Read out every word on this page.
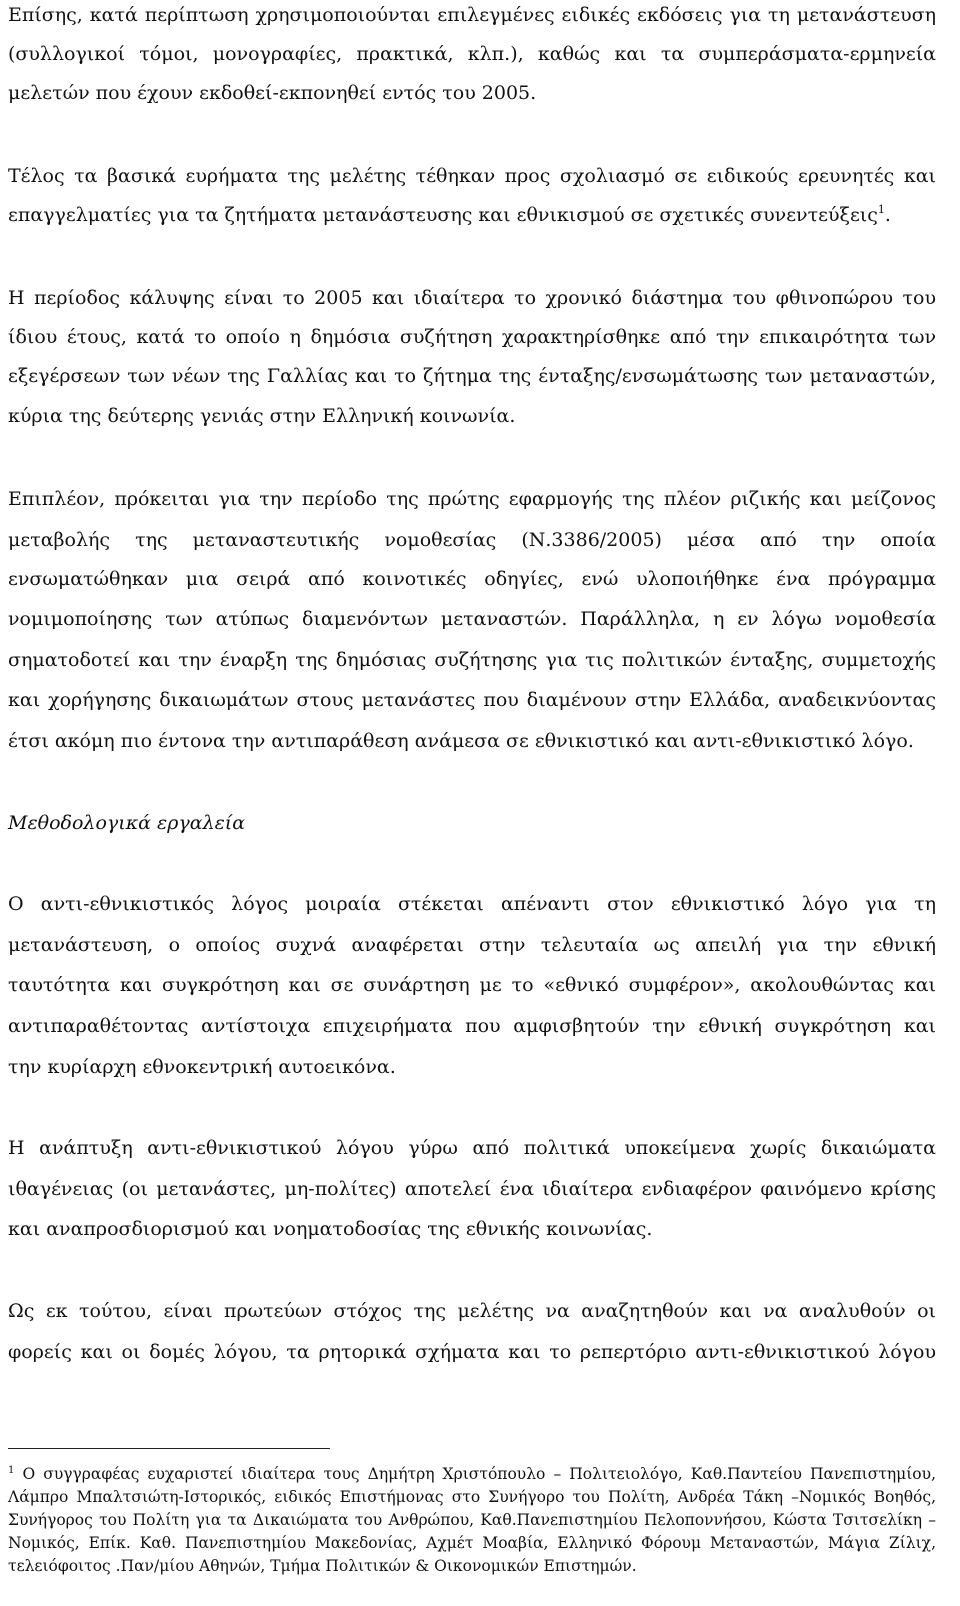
Επίσης, κατά περίπτωση χρησιμοποιούνται επιλεγμένες ειδικές εκδόσεις για τη μετανάστευση
(συλλογικοί τόμοι, μονογραφίες, πρακτικά, κλπ.), καθώς και τα συμπεράσματα-ερμηνεία
μελετών που έχουν εκδοθεί-εκπονηθεί εντός του 2005.
Τέλος τα βασικά ευρήματα της μελέτης τέθηκαν προς σχολιασμό σε ειδικούς ερευνητές και
επαγγελματίες για τα ζητήματα μετανάστευσης και εθνικισμού σε σχετικές συνεντεύξεις$^1$.
Η περίοδος κάλυψης είναι το 2005 και ιδιαίτερα το χρονικό διάστημα του φθινοπώρου του
ίδιου έτους, κατά το οποίο η δημόσια συζήτηση χαρακτηρίσθηκε από την επικαιρότητα των
εξεγέρσεων των νέων της Γαλλίας και το ζήτημα της ένταξης/ενσωμάτωσης των μεταναστών,
κύρια της δεύτερης γενιάς στην Ελληνική κοινωνία.
Επιπλέον, πρόκειται για την περίοδο της πρώτης εφαρμογής της πλέον ριζικής και μείζονος
μεταβολής της μεταναστευτικής νομοθεσίας (Ν.3386/2005) μέσα από την οποία
ενσωματώθηκαν μια σειρά από κοινοτικές οδηγίες, ενώ υλοποιήθηκε ένα πρόγραμμα
νομιμοποίησης των ατύπως διαμενόντων μεταναστών. Παράλληλα, η εν λόγω νομοθεσία
σηματοδοτεί και την έναρξη της δημόσιας συζήτησης για τις πολιτικών ένταξης, συμμετοχής
και χορήγησης δικαιωμάτων στους μετανάστες που διαμένουν στην Ελλάδα, αναδεικνύοντας
έτσι ακόμη πιο έντονα την αντιπαράθεση ανάμεσα σε εθνικιστικό και αντι-εθνικιστικό λόγο.
Μεθοδολογικά εργαλεία
Ο αντι-εθνικιστικός λόγος μοιραία στέκεται απέναντι στον εθνικιστικό λόγο για τη
μετανάστευση, ο οποίος συχνά αναφέρεται στην τελευταία ως απειλή για την εθνική
ταυτότητα και συγκρότηση και σε συνάρτηση με το «εθνικό συμφέρον», ακολουθώντας και
αντιπαραθέτοντας αντίστοιχα επιχειρήματα που αμφισβητούν την εθνική συγκρότηση και
την κυρίαρχη εθνοκεντρική αυτοεικόνα.
Η ανάπτυξη αντι-εθνικιστικού λόγου γύρω από πολιτικά υποκείμενα χωρίς δικαιώματα
ιθαγένειας (οι μετανάστες, μη-πολίτες) αποτελεί ένα ιδιαίτερα ενδιαφέρον φαινόμενο κρίσης
και αναπροσδιορισμού και νοηματοδοσίας της εθνικής κοινωνίας.
Ως εκ τούτου, είναι πρωτεύων στόχος της μελέτης να αναζητηθούν και να αναλυθούν οι
φορείς και οι δομές λόγου, τα ρητορικά σχήματα και το ρεπερτόριο αντι-εθνικιστικού λόγου
$^1$ Ο συγγραφέας ευχαριστεί ιδιαίτερα τους Δημήτρη Χριστόπουλο – Πολιτειολόγο, Καθ.Παντείου Πανεπιστημίου,
Λάμπρο Μπαλτσιώτη-Ιστορικός, ειδικός Επιστήμονας στο Συνήγορο του Πολίτη, Ανδρέα Τάκη –Νομικός Βοηθός,
Συνήγορος του Πολίτη για τα Δικαιώματα του Ανθρώπου, Καθ.Πανεπιστημίου Πελοποννήσου, Κώστα Τσιτσελίκη –
Νομικός, Επίκ. Καθ. Πανεπιστημίου Μακεδονίας, Αχμέτ Μοαβία, Ελληνικό Φόρουμ Μεταναστών, Μάγια Ζίλιχ,
τελειόφοιτος .Παν/μίου Αθηνών, Τμήμα Πολιτικών & Οικονομικών Επιστημών.
